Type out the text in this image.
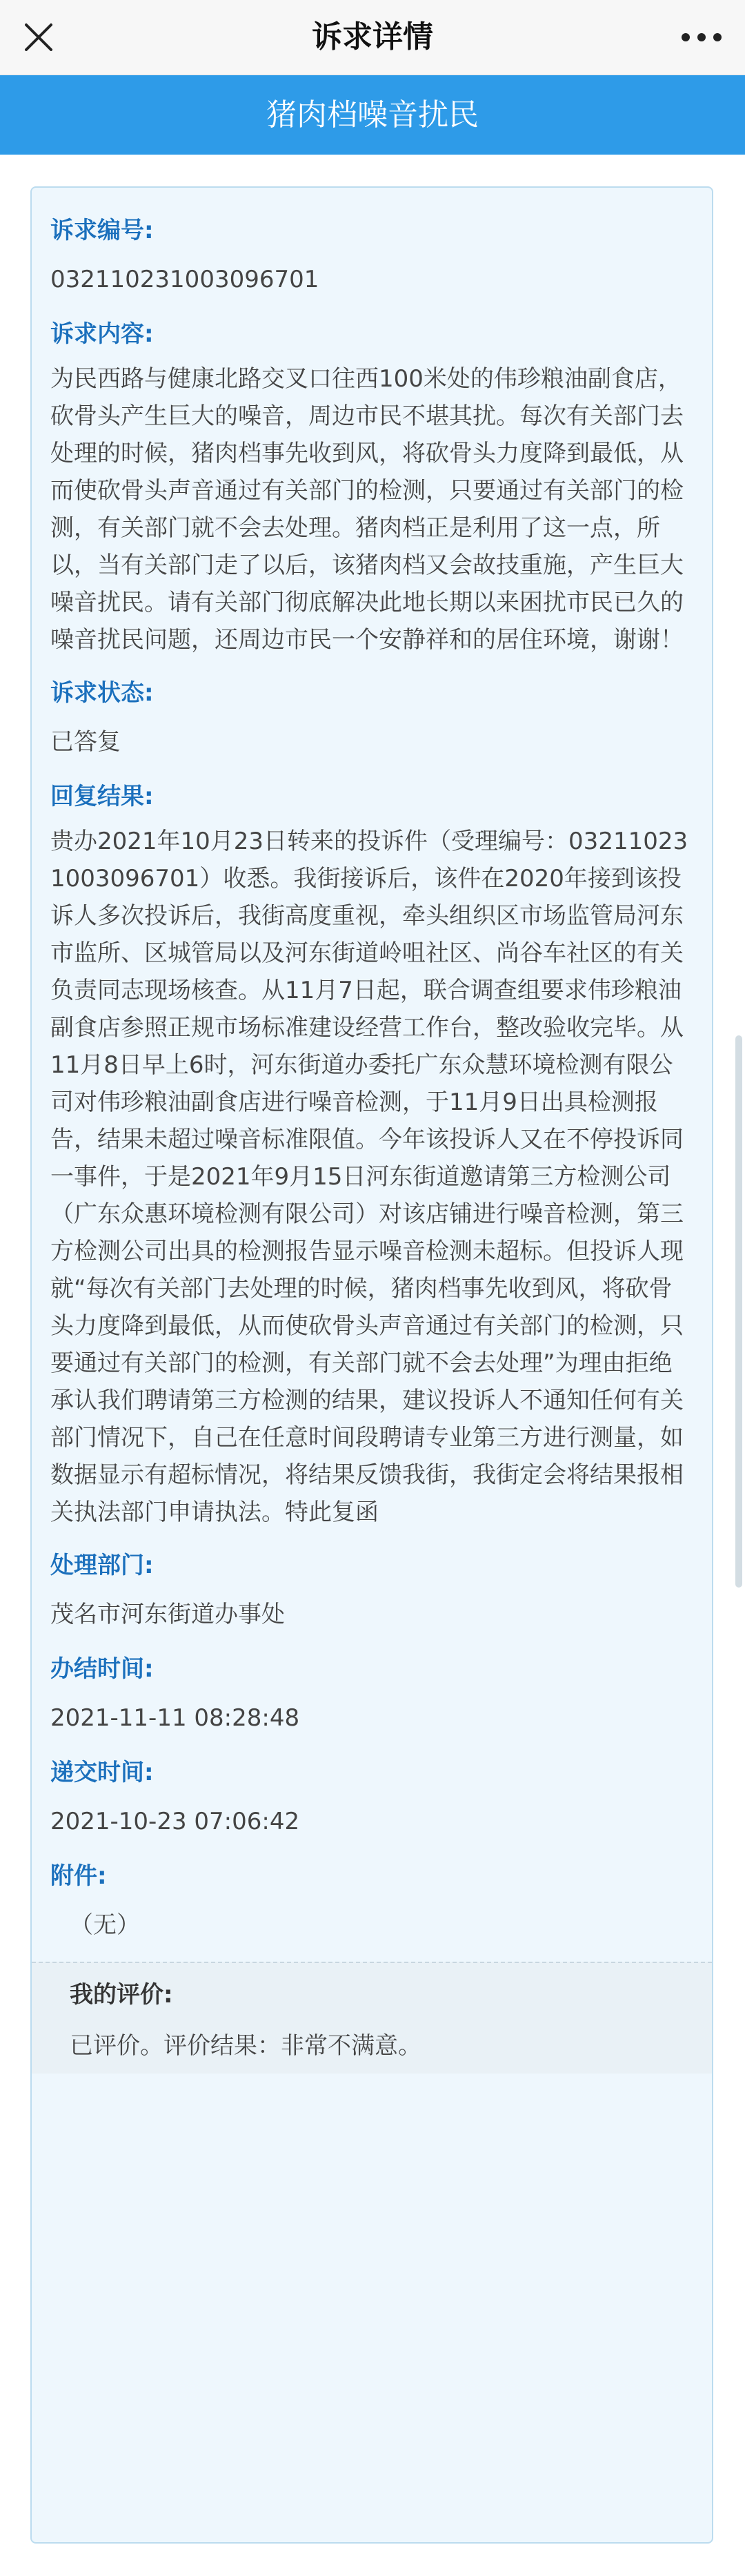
诉求详情
猪肉档噪音扰民
诉求编号:
03211023100309​6701
诉求内容:
为民西路与健康北路交叉口往西100米处的伟珍粮油副食店，砍骨头产生巨大的噪音，周边市民不堪其扰。每次有关部门去处理的时候，猪肉档事先收到风，将砍骨头力度降到最低，从而使砍骨头声音通过有关部门的检测，只要通过有关部门的检测，有关部门就不会去处理。猪肉档正是利用了这一点，所以，当有关部门走了以后，该猪肉档又会故技重施，产生巨大噪音扰民。请有关部门彻底解决此地长期以来困扰市民已久的噪音扰民问题，还周边市民一个安静祥和的居住环境，谢谢！
诉求状态:
已答复
回复结果:
贵办2021年10月23日转来的投诉件（受理编号：03211023100309​6701）收悉。我街接诉后，该件在2020年接到该投诉人多次投诉后，我街高度重视，牵头组织区市场监管局河东市监所、区城管局以及河东街道岭咀社区、尚谷车社区的有关负责同志现场核查。从11月7日起，联合调查组要求伟珍粮油副食店参照正规市场标准建设经营工作台，整改验收完毕。从11月8日早上6时，河东街道办委托广东众慧环境检测有限公司对伟珍粮油副食店进行噪音检测，于11月9日出具检测报告，结果未超过噪音标准限值。今年该投诉人又在不停投诉同一事件，于是2021年9月15日河东街道邀请第三方检测公司（广东众惠环境检测有限公司）对该店铺进行噪音检测，第三方检测公司出具的检测报告显示噪音检测未超标。但投诉人现就“每次有关部门去处理的时候，猪肉档事先收到风，将砍骨头力度降到最低，从而使砍骨头声音通过有关部门的检测，只要通过有关部门的检测，有关部门就不会去处理”为理由拒绝承认我们聘请第三方检测的结果，建议投诉人不通知任何有关部门情况下，自己在任意时间段聘请专业第三方进行测量，如数据显示有超标情况，将结果反馈我街，我街定会将结果报相关执法部门申请执法。特此复函
处理部门:
茂名市河东街道办事处
办结时间:
2021-11-11 08:28:48
递交时间:
2021-10-23 07:06:42
附件:
（无）
我的评价:
已评价。评价结果：非常不满意。
